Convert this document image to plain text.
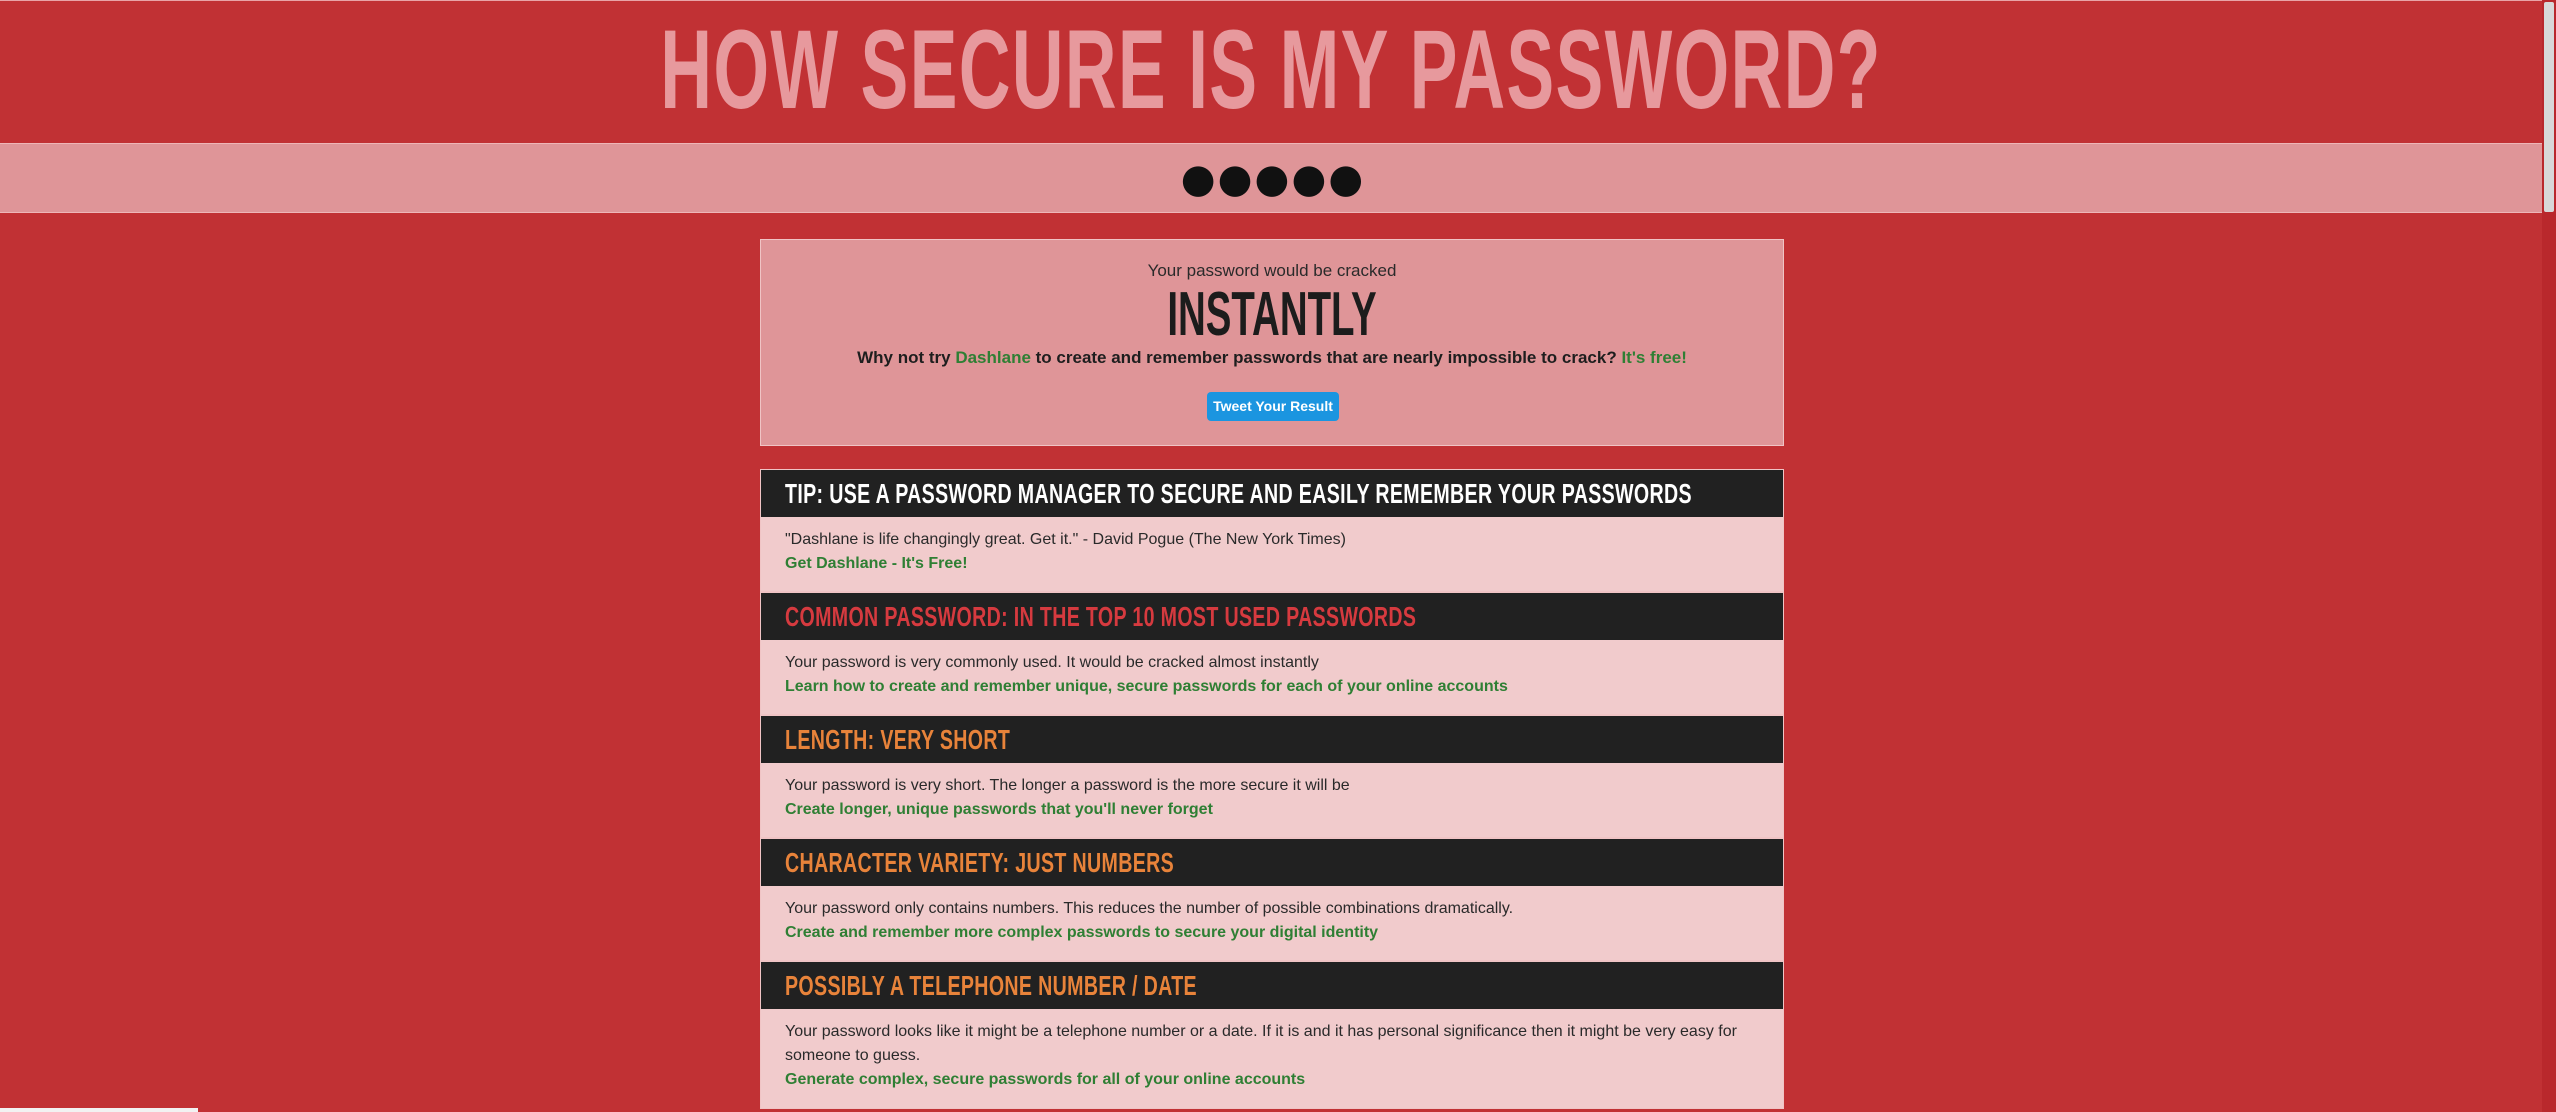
HOW SECURE IS MY PASSWORD?
●●●●●
Your password would be cracked
INSTANTLY
Why not try Dashlane to create and remember passwords that are nearly impossible to crack? It's free!
Tweet Your Result
TIP: USE A PASSWORD MANAGER TO SECURE AND EASILY REMEMBER YOUR PASSWORDS

"Dashlane is life changingly great. Get it." - David Pogue (The New York Times)

Get Dashlane - It's Free!
COMMON PASSWORD: IN THE TOP 10 MOST USED PASSWORDS

Your password is very commonly used. It would be cracked almost instantly

Learn how to create and remember unique, secure passwords for each of your online accounts
LENGTH: VERY SHORT

Your password is very short. The longer a password is the more secure it will be

Create longer, unique passwords that you'll never forget
CHARACTER VARIETY: JUST NUMBERS

Your password only contains numbers. This reduces the number of possible combinations dramatically.

Create and remember more complex passwords to secure your digital identity
POSSIBLY A TELEPHONE NUMBER / DATE

Your password looks like it might be a telephone number or a date. If it is and it has personal significance then it might be very easy for someone to guess.

Generate complex, secure passwords for all of your online accounts
